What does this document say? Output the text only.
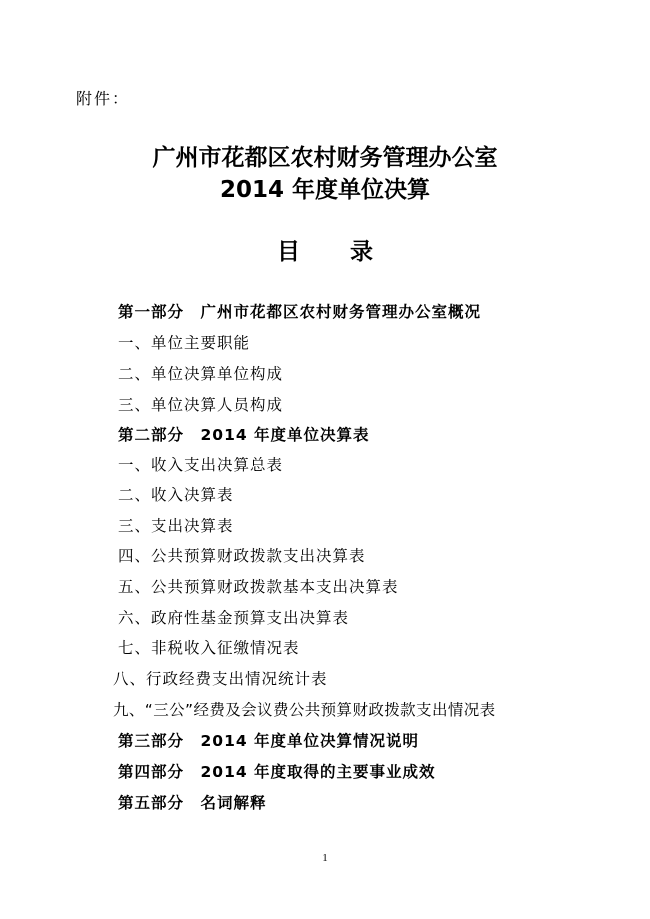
附件：
广州市花都区农村财务管理办公室
2014 年度单位决算
目 录
第一部分　广州市花都区农村财务管理办公室概况
一、单位主要职能
二、单位决算单位构成
三、单位决算人员构成
第二部分　2014 年度单位决算表
一、收入支出决算总表
二、收入决算表
三、支出决算表
四、公共预算财政拨款支出决算表
五、公共预算财政拨款基本支出决算表
六、政府性基金预算支出决算表
七、非税收入征缴情况表
八、行政经费支出情况统计表
九、“三公”经费及会议费公共预算财政拨款支出情况表
第三部分　2014 年度单位决算情况说明
第四部分　2014 年度取得的主要事业成效
第五部分　名词解释
1
